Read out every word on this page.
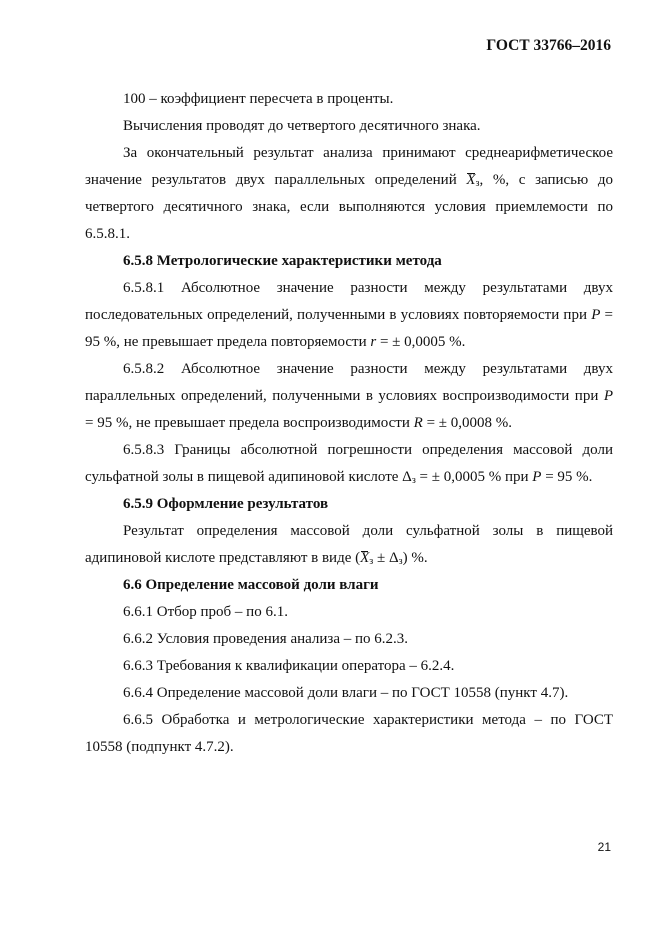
ГОСТ 33766–2016

100 – коэффициент пересчета в проценты.

Вычисления проводят до четвертого десятичного знака.

За окончательный результат анализа принимают среднеарифметическое значение результатов двух параллельных определений $X_з$, %, с записью до четвертого десятичного знака, если выполняются условия приемлемости по 6.5.8.1.

6.5.8 Метрологические характеристики метода

6.5.8.1 Абсолютное значение разности между результатами двух последовательных определений, полученными в условиях повторяемости при P = 95 %, не превышает предела повторяемости r = ± 0,0005 %.

6.5.8.2 Абсолютное значение разности между результатами двух параллельных определений, полученными в условиях воспроизводимости при P = 95 %, не превышает предела воспроизводимости R = ± 0,0008 %.

6.5.8.3 Границы абсолютной погрешности определения массовой доли сульфатной золы в пищевой адипиновой кислоте $\Delta_з$ = ± 0,0005 % при P = 95 %.

6.5.9 Оформление результатов

Результат определения массовой доли сульфатной золы в пищевой адипиновой кислоте представляют в виде $(X_з \pm \Delta_з)$ %.

6.6 Определение массовой доли влаги

6.6.1 Отбор проб – по 6.1.

6.6.2 Условия проведения анализа – по 6.2.3.

6.6.3 Требования к квалификации оператора – 6.2.4.

6.6.4 Определение массовой доли влаги – по ГОСТ 10558 (пункт 4.7).

6.6.5 Обработка и метрологические характеристики метода – по ГОСТ 10558 (подпункт 4.7.2).

21
